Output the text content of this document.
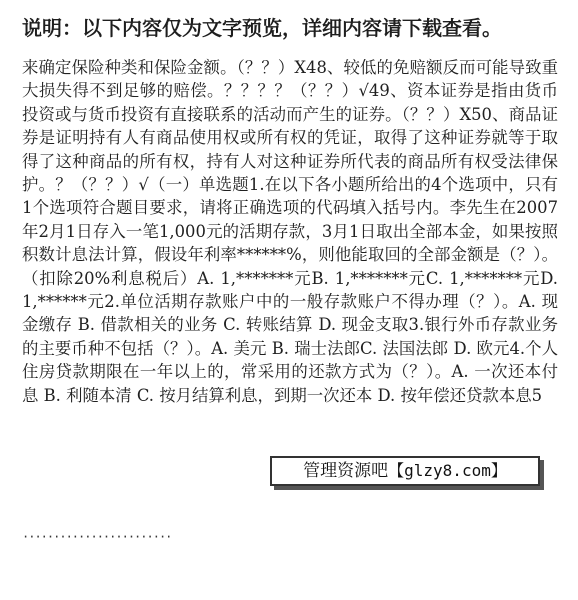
说明：以下内容仅为文字预览，详细内容请下载查看。
来确定保险种类和保险金额。（？？）X48、较低的免赔额反而可能导致重大损失得不到足够的赔偿。？？？？（？？）√49、资本证券是指由货币投资或与货币投资有直接联系的活动而产生的证券。（？？）X50、商品证券是证明持有人有商品使用权或所有权的凭证，取得了这种证券就等于取得了这种商品的所有权，持有人对这种证券所代表的商品所有权受法律保护。？（？？）√（一）单选题1.在以下各小题所给出的4个选项中，只有1个选项符合题目要求，请将正确选项的代码填入括号内。李先生在2007年2月1日存入一笔1,000元的活期存款，3月1日取出全部本金，如果按照积数计息法计算，假设年利率******%，则他能取回的全部金额是（？）。（扣除20%利息税后）A. 1,*******元B. 1,*******元C. 1,*******元D. 1,******元2.单位活期存款账户中的一般存款账户不得办理（？）。A. 现金缴存 B. 借款相关的业务 C. 转账结算 D. 现金支取3.银行外币存款业务的主要币种不包括（？）。A. 美元 B. 瑞士法郎C. 法国法郎 D. 欧元4.个人住房贷款期限在一年以上的，常采用的还款方式为（？）。A. 一次还本付息 B. 利随本清 C. 按月结算利息，到期一次还本 D. 按年偿还贷款本息5
管理资源吧【glzy8.com】
························
